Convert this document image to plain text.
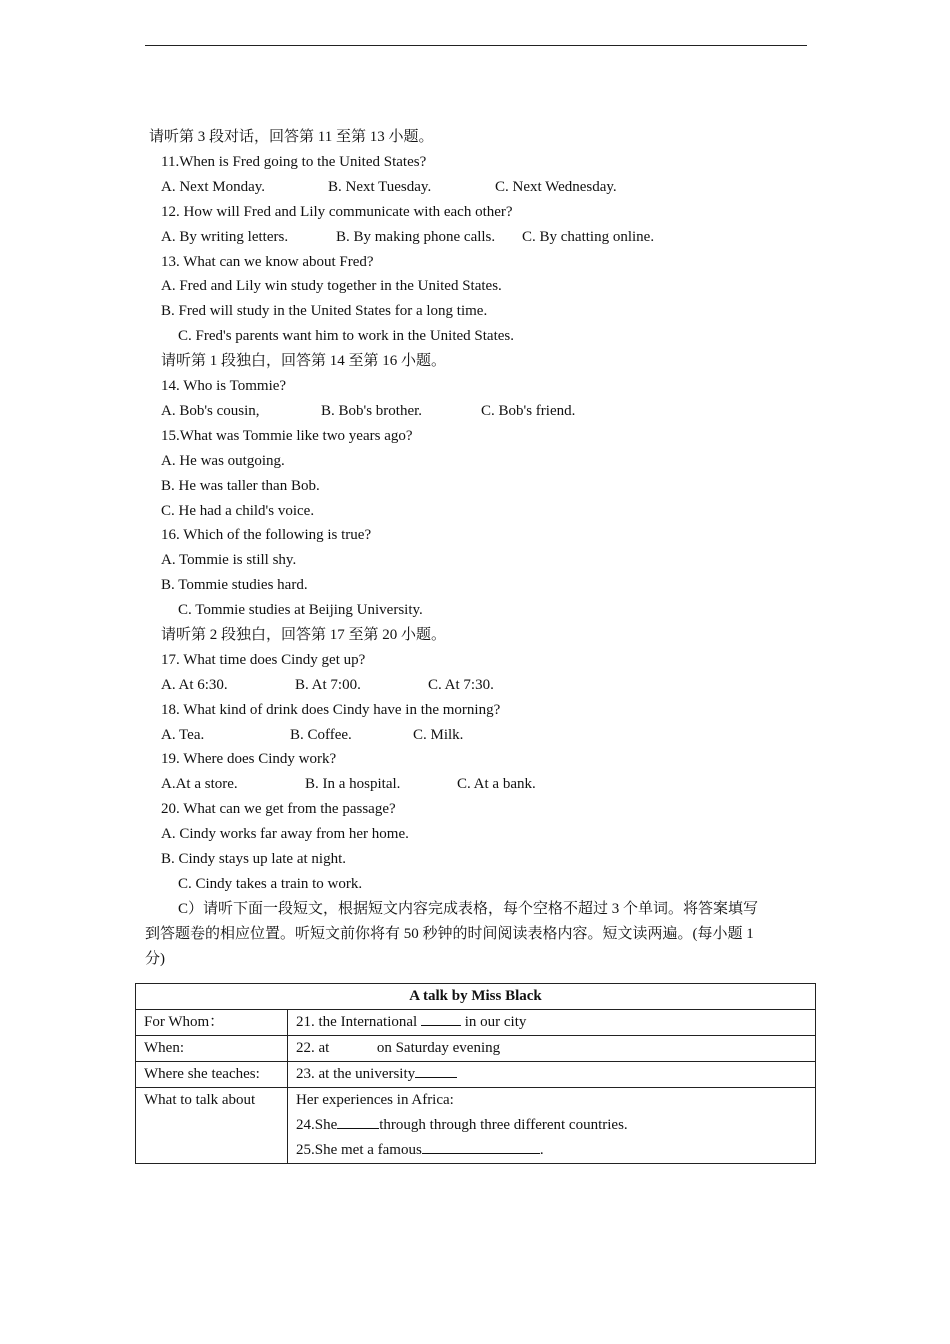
请听第 3 段对话，回答第 11 至第 13 小题。
11.When is Fred going to the United States?
A. Next Monday.	B. Next Tuesday.	C. Next Wednesday.
12. How will Fred and Lily communicate with each other?
A. By writing letters.	B. By making phone calls. C. By chatting online.
13. What can we know about Fred?
A. Fred and Lily win study together in the United States.
B. Fred will study in the United States for a long time.
C. Fred's parents want him to work in the United States.
请听第 1 段独白，回答第 14 至第 16 小题。
14. Who is Tommie?
A. Bob's cousin,	B. Bob's brother.	C. Bob's friend.
15.What was Tommie like two years ago?
A. He was outgoing.
B. He was taller than Bob.
C. He had a child's voice.
16. Which of the following is true?
A. Tommie is still shy.
B. Tommie studies hard.
C. Tommie studies at Beijing University.
请听第 2 段独白，回答第 17 至第 20 小题。
17. What time does Cindy get up?
A. At 6:30.	B. At 7:00.	C. At 7:30.
18. What kind of drink does Cindy have in the morning?
A. Tea.	B. Coffee.	C. Milk.
19. Where does Cindy work?
A.At a store.	B. In a hospital.	C. At a bank.
20. What can we get from the passage?
A. Cindy works far away from her home.
B. Cindy stays up late at night.
C. Cindy takes a train to work.
C）请听下面一段短文，根据短文内容完成表格，每个空格不超过 3 个单词。将答案填写
到答题卷的相应位置。听短文前你将有 50 秒钟的时间阅读表格内容。短文读两遍。(每小题 1
分)
A talk by Miss Black	
For Whom：	21. the International in our city
When:	22. at on Saturday evening
Where she teaches:	23. at the university
What to talk about	Her experiences in Africa:
24.She through through three different countries.
25.She met a famous .
